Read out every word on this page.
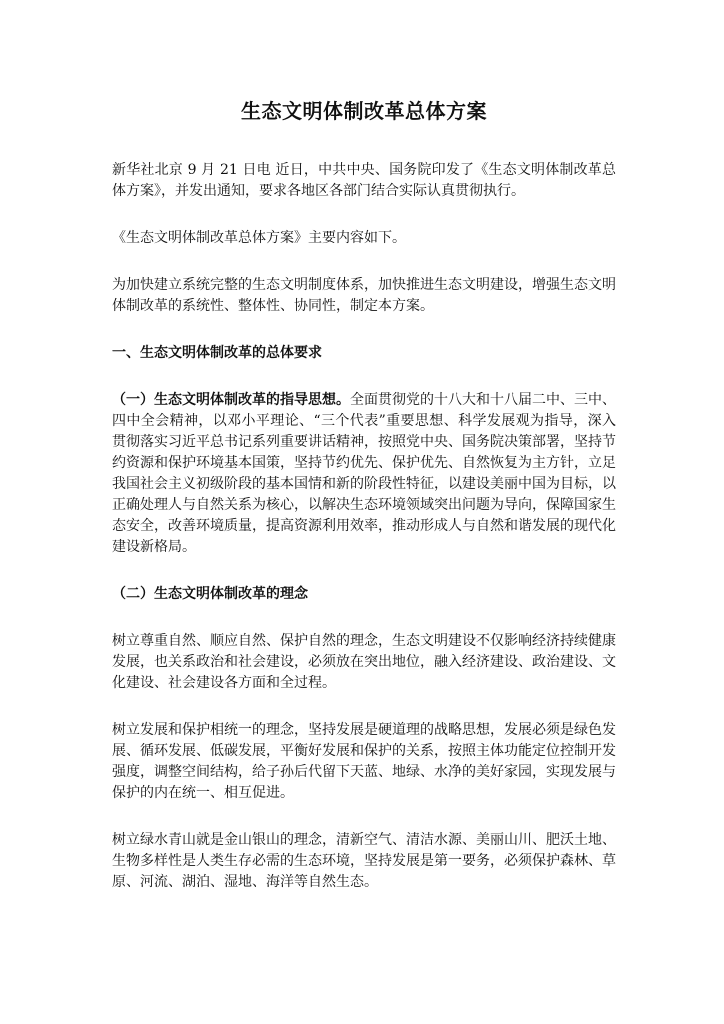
生态文明体制改革总体方案

新华社北京 9 月 21 日电 近日，中共中央、国务院印发了《生态文明体制改革总体方案》，并发出通知，要求各地区各部门结合实际认真贯彻执行。

《生态文明体制改革总体方案》主要内容如下。

为加快建立系统完整的生态文明制度体系，加快推进生态文明建设，增强生态文明体制改革的系统性、整体性、协同性，制定本方案。

一、生态文明体制改革的总体要求

（一）生态文明体制改革的指导思想。全面贯彻党的十八大和十八届二中、三中、四中全会精神，以邓小平理论、“三个代表”重要思想、科学发展观为指导，深入贯彻落实习近平总书记系列重要讲话精神，按照党中央、国务院决策部署，坚持节约资源和保护环境基本国策，坚持节约优先、保护优先、自然恢复为主方针，立足我国社会主义初级阶段的基本国情和新的阶段性特征，以建设美丽中国为目标，以正确处理人与自然关系为核心，以解决生态环境领域突出问题为导向，保障国家生态安全，改善环境质量，提高资源利用效率，推动形成人与自然和谐发展的现代化建设新格局。

（二）生态文明体制改革的理念

树立尊重自然、顺应自然、保护自然的理念，生态文明建设不仅影响经济持续健康发展，也关系政治和社会建设，必须放在突出地位，融入经济建设、政治建设、文化建设、社会建设各方面和全过程。

树立发展和保护相统一的理念，坚持发展是硬道理的战略思想，发展必须是绿色发展、循环发展、低碳发展，平衡好发展和保护的关系，按照主体功能定位控制开发强度，调整空间结构，给子孙后代留下天蓝、地绿、水净的美好家园，实现发展与保护的内在统一、相互促进。

树立绿水青山就是金山银山的理念，清新空气、清洁水源、美丽山川、肥沃土地、生物多样性是人类生存必需的生态环境，坚持发展是第一要务，必须保护森林、草原、河流、湖泊、湿地、海洋等自然生态。
